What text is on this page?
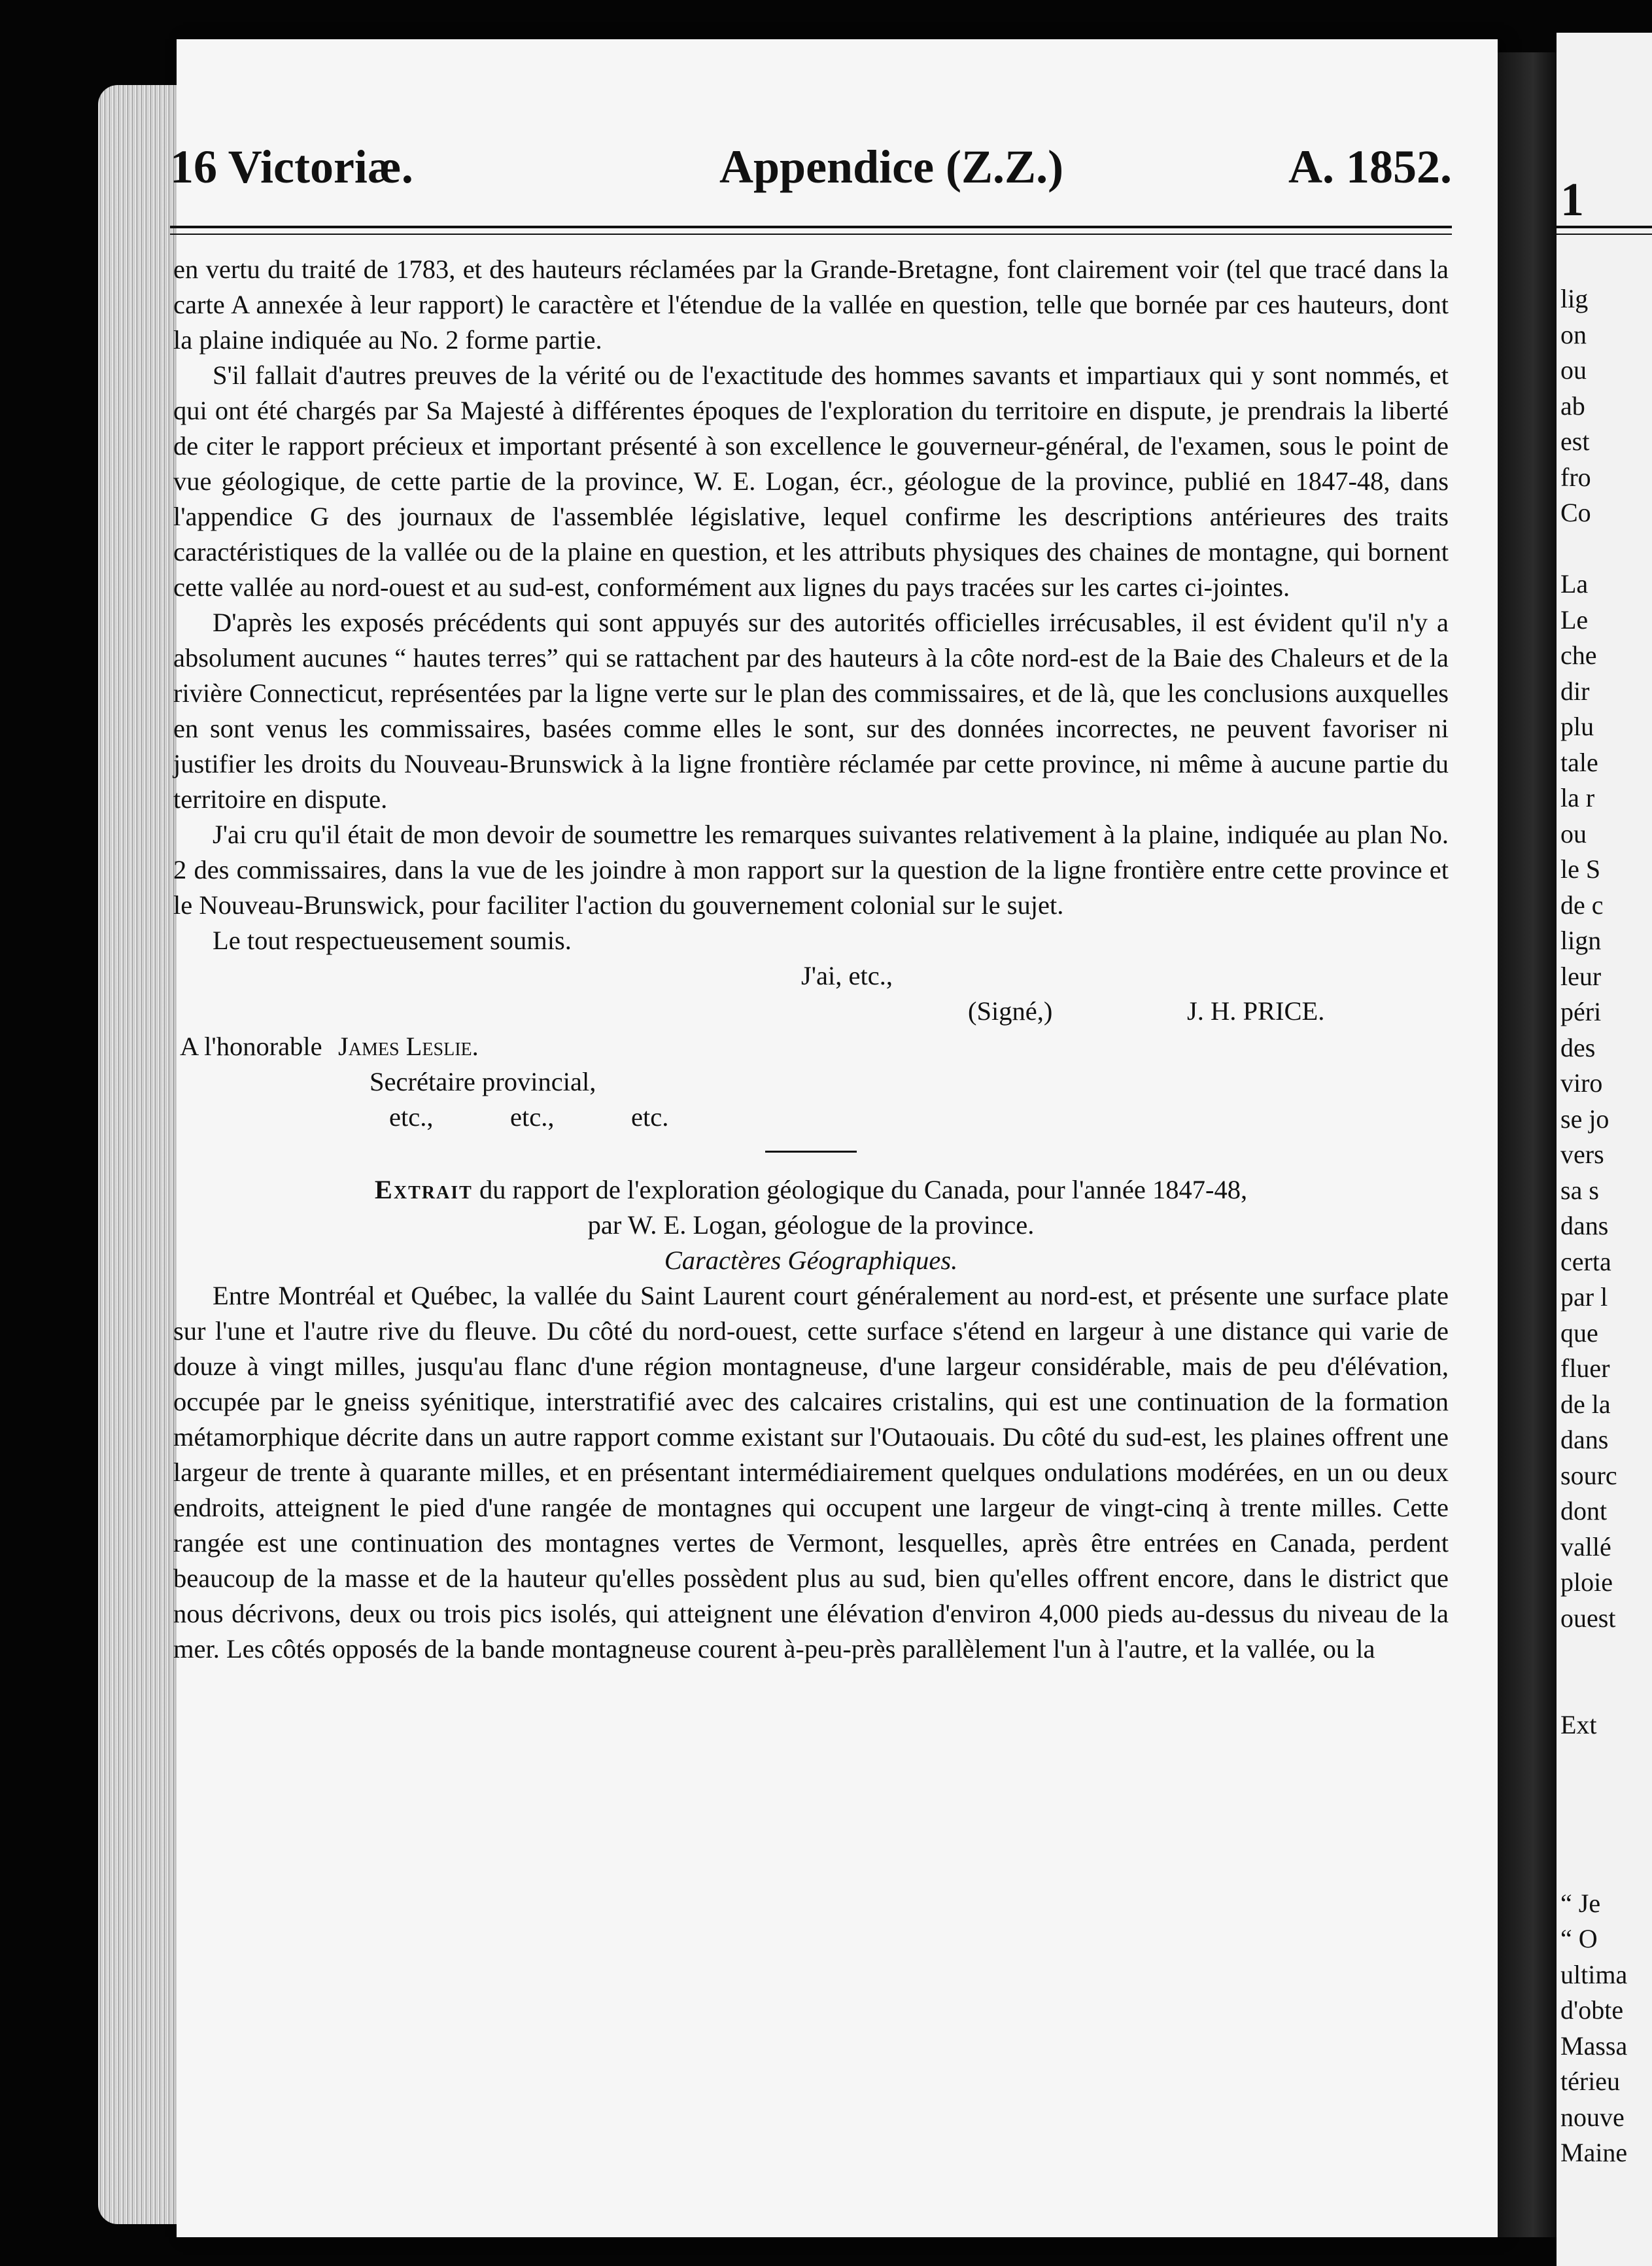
16 Victoriæ.	Appendice (Z.Z.)	A. 1852.

en vertu du traité de 1783, et des hauteurs réclamées par la Grande-Bretagne, font clairement voir (tel que tracé dans la carte A annexée à leur rapport) le caractère et l'étendue de la vallée en question, telle que bornée par ces hauteurs, dont la plaine indiquée au No. 2 forme partie.

S'il fallait d'autres preuves de la vérité ou de l'exactitude des hommes savants et impartiaux qui y sont nommés, et qui ont été chargés par Sa Majesté à différentes époques de l'exploration du territoire en dispute, je prendrais la liberté de citer le rapport précieux et important présenté à son excellence le gouverneur-général, de l'examen, sous le point de vue géologique, de cette partie de la province, W. E. Logan, écr., géologue de la province, publié en 1847-48, dans l'appendice G des journaux de l'assemblée législative, lequel confirme les descriptions antérieures des traits caractéristiques de la vallée ou de la plaine en question, et les attributs physiques des chaines de montagne, qui bornent cette vallée au nord-ouest et au sud-est, conformément aux lignes du pays tracées sur les cartes ci-jointes.

D'après les exposés précédents qui sont appuyés sur des autorités officielles irrécusables, il est évident qu'il n'y a absolument aucunes “ hautes terres” qui se rattachent par des hauteurs à la côte nord-est de la Baie des Chaleurs et de la rivière Connecticut, représentées par la ligne verte sur le plan des commissaires, et de là, que les conclusions auxquelles en sont venus les commissaires, basées comme elles le sont, sur des données incorrectes, ne peuvent favoriser ni justifier les droits du Nouveau-Brunswick à la ligne frontière réclamée par cette province, ni même à aucune partie du territoire en dispute.

J'ai cru qu'il était de mon devoir de soumettre les remarques suivantes relativement à la plaine, indiquée au plan No. 2 des commissaires, dans la vue de les joindre à mon rapport sur la question de la ligne frontière entre cette province et le Nouveau-Brunswick, pour faciliter l'action du gouvernement colonial sur le sujet.

Le tout respectueusement soumis.

J'ai, etc.,
(Signé,)	J. H. PRICE.
A l'honorable James Leslie.
Secrétaire provincial,
etc.,	etc.,	etc.
Extrait du rapport de l'exploration géologique du Canada, pour l'année 1847-48,
par W. E. Logan, géologue de la province.
Caractères Géographiques.

Entre Montréal et Québec, la vallée du Saint Laurent court généralement au nord-est, et présente une surface plate sur l'une et l'autre rive du fleuve. Du côté du nord-ouest, cette surface s'étend en largeur à une distance qui varie de douze à vingt milles, jusqu'au flanc d'une région montagneuse, d'une largeur considérable, mais de peu d'élévation, occupée par le gneiss syénitique, interstratifié avec des calcaires cristalins, qui est une continuation de la formation métamorphique décrite dans un autre rapport comme existant sur l'Outaouais. Du côté du sud-est, les plaines offrent une largeur de trente à quarante milles, et en présentant intermédiairement quelques ondulations modérées, en un ou deux endroits, atteignent le pied d'une rangée de montagnes qui occupent une largeur de vingt-cinq à trente milles. Cette rangée est une continuation des montagnes vertes de Vermont, lesquelles, après être entrées en Canada, perdent beaucoup de la masse et de la hauteur qu'elles possèdent plus au sud, bien qu'elles offrent encore, dans le district que nous décrivons, deux ou trois pics isolés, qui atteignent une élévation d'environ 4,000 pieds au-dessus du niveau de la mer. Les côtés opposés de la bande montagneuse courent à-peu-près parallèlement l'un à l'autre, et la vallée, ou la

1
lig
on
ou
ab
est
fro
Co

La
Le
che
dir
plu
tale
la r
ou
le S
de c
lign
leur
péri
des
viro
se jo
vers
sa s
dans
certa
par l
que
fluer
de la
dans
sourc
dont
vallé
ploie
ouest

Ext

“ Je
“ O
ultima
d'obte
Massa
térieu
nouve
Maine
